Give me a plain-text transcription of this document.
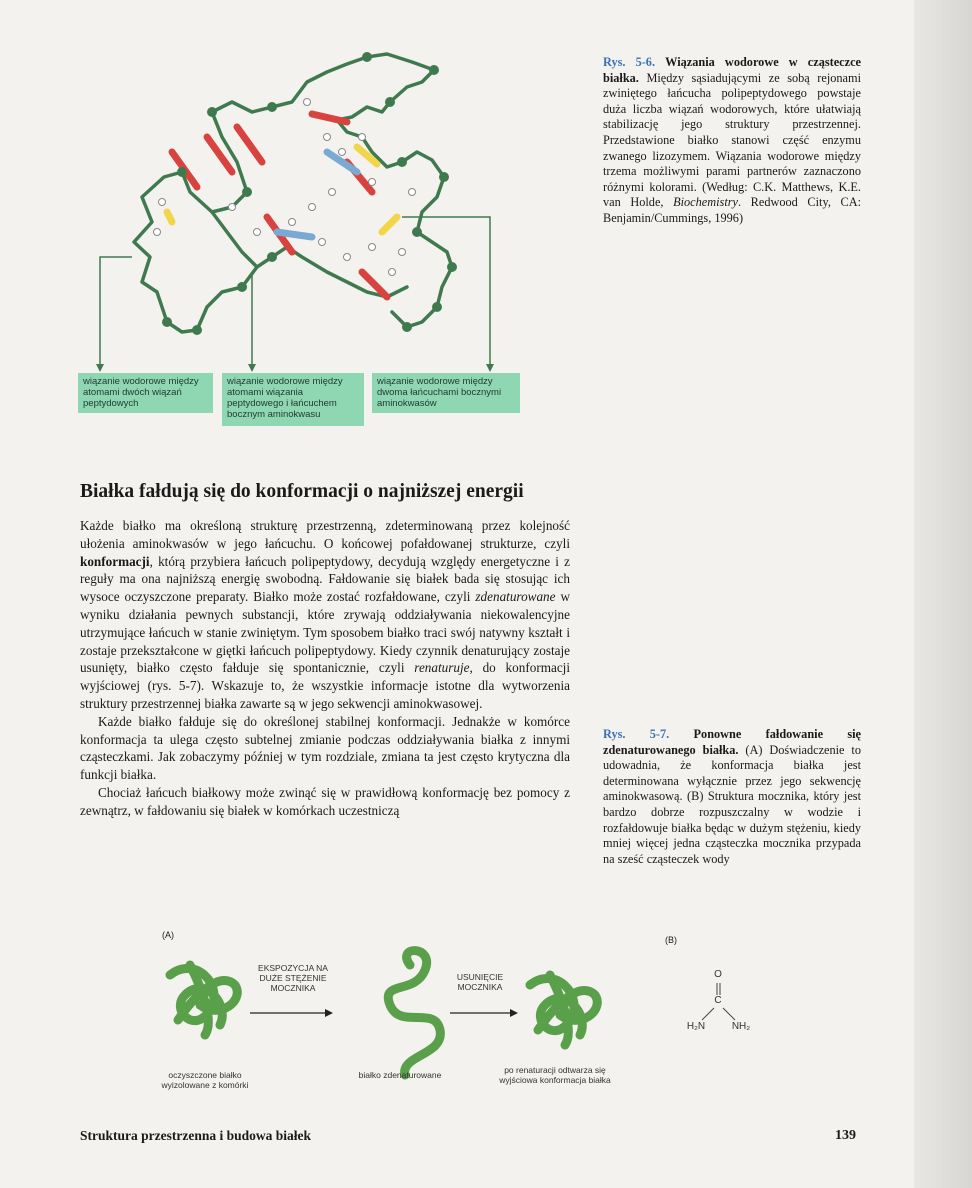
wiązanie wodorowe między atomami dwóch wiązań peptydowych
wiązanie wodorowe między atomami wiązania peptydowego i łańcuchem bocznym aminokwasu
wiązanie wodorowe między dwoma łańcuchami bocznymi aminokwasów
Rys. 5-6. Wiązania wodorowe w cząsteczce białka. Między sąsiadującymi ze sobą rejonami zwiniętego łańcucha polipeptydowego powstaje duża liczba wiązań wodorowych, które ułatwiają stabilizację jego struktury przestrzennej. Przedstawione białko stanowi część enzymu zwanego lizozymem. Wiązania wodorowe między trzema możliwymi parami partnerów zaznaczono różnymi kolorami. (Według: C.K. Matthews, K.E. van Holde, Biochemistry. Redwood City, CA: Benjamin/Cummings, 1996)
Białka fałdują się do konformacji o najniższej energii

Każde białko ma określoną strukturę przestrzenną, zdeterminowaną przez kolejność ułożenia aminokwasów w jego łańcuchu. O końcowej pofałdowanej strukturze, czyli konformacji, którą przybiera łańcuch polipeptydowy, decydują względy energetyczne i z reguły ma ona najniższą energię swobodną. Fałdowanie się białek bada się stosując ich wysoce oczyszczone preparaty. Białko może zostać rozfałdowane, czyli zdenaturowane w wyniku działania pewnych substancji, które zrywają oddziaływania niekowalencyjne utrzymujące łańcuch w stanie zwiniętym. Tym sposobem białko traci swój natywny kształt i zostaje przekształcone w giętki łańcuch polipeptydowy. Kiedy czynnik denaturujący zostaje usunięty, białko często fałduje się spontanicznie, czyli renaturuje, do konformacji wyjściowej (rys. 5-7). Wskazuje to, że wszystkie informacje istotne dla wytworzenia struktury przestrzennej białka zawarte są w jego sekwencji aminokwasowej.

Każde białko fałduje się do określonej stabilnej konformacji. Jednakże w komórce konformacja ta ulega często subtelnej zmianie podczas oddziaływania białka z innymi cząsteczkami. Jak zobaczymy później w tym rozdziale, zmiana ta jest często krytyczna dla funkcji białka.

Chociaż łańcuch białkowy może zwinąć się w prawidłową konformację bez pomocy z zewnątrz, w fałdowaniu się białek w komórkach uczestniczą

Rys. 5-7. Ponowne fałdowanie się zdenaturowanego białka. (A) Doświadczenie to udowadnia, że konformacja białka jest determinowana wyłącznie przez jego sekwencję aminokwasową. (B) Struktura mocznika, który jest bardzo dobrze rozpuszczalny w wodzie i rozfałdowuje białka będąc w dużym stężeniu, kiedy mniej więcej jedna cząsteczka mocznika przypada na sześć cząsteczek wody
(A)	(B)
EKSPOZYCJA NA DUŻE STĘŻENIE MOCZNIKA
USUNIĘCIE MOCZNIKA
oczyszczone białko wyizolowane z komórki
białko zdenaturowane	po renaturacji odtwarza się wyjściowa konformacja białka
O
C
H₂N	NH₂
Struktura przestrzenna i budowa białek	139
